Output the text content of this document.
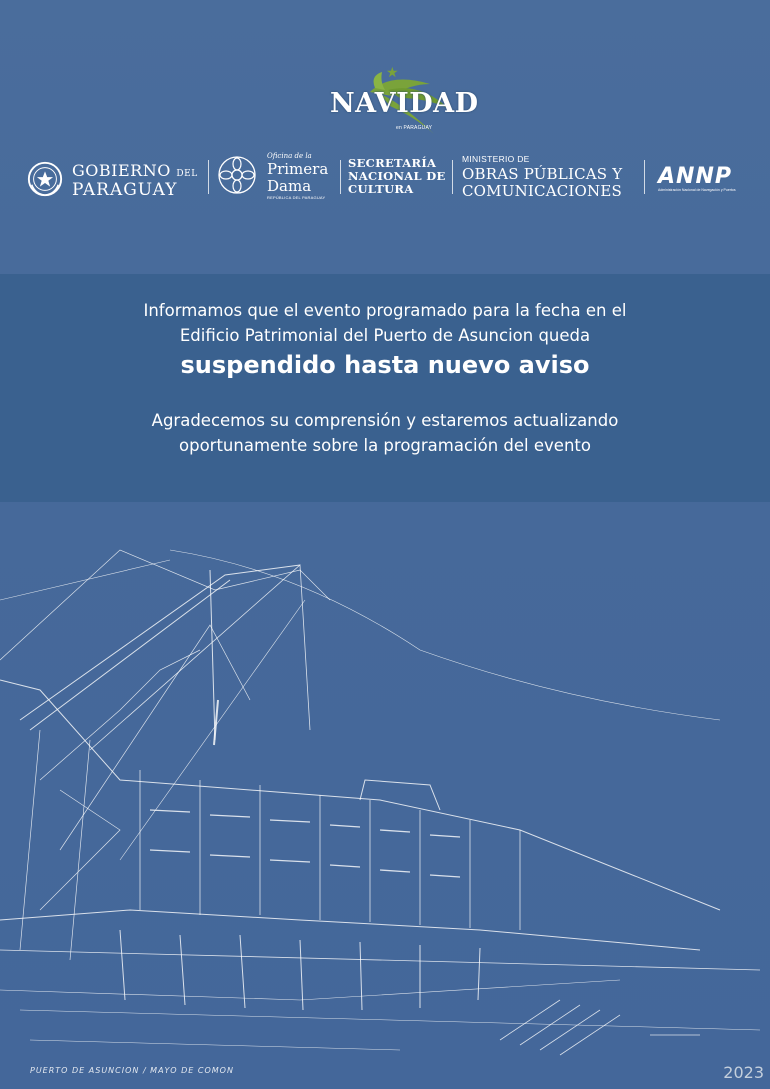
★
NAVIDAD
en PARAGUAY
GOBIERNO DEL
PARAGUAY
Oficina de la
Primera
Dama
REPÚBLICA DEL PARAGUAY
SECRETARÍA
NACIONAL DE
CULTURA
MINISTERIO DE
OBRAS PÚBLICAS Y
COMUNICACIONES
ANNP
Administración Nacional de Navegación y Puertos
Informamos que el evento programado para la fecha en el
Edificio Patrimonial del Puerto de Asuncion queda
suspendido hasta nuevo aviso
Agradecemos su comprensión y estaremos actualizando
oportunamente sobre la programación del evento
PUERTO DE ASUNCION / MAYO DE COMON	2023
